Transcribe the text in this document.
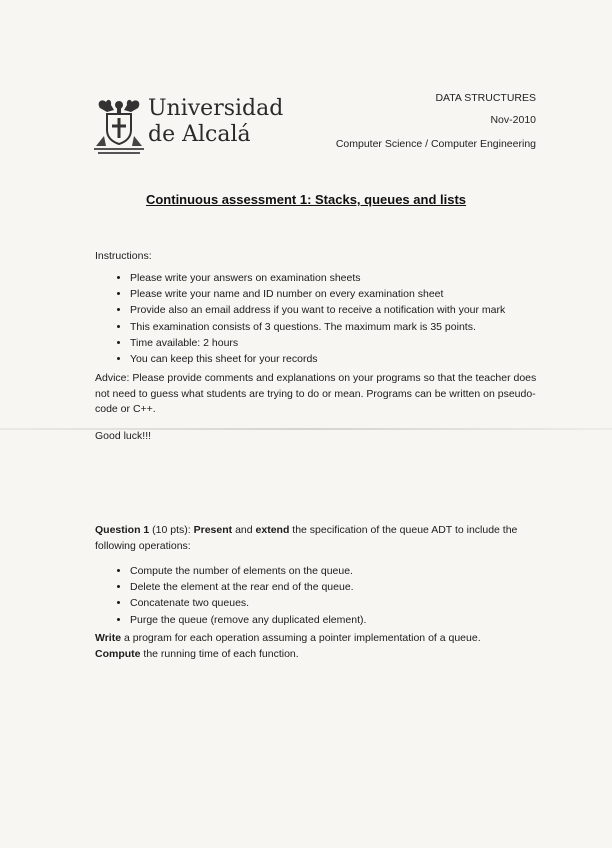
Universidad
de Alcalá
DATA STRUCTURES
Nov-2010
Computer Science / Computer Engineering
Continuous assessment 1: Stacks, queues and lists
Instructions:
• Please write your answers on examination sheets
• Please write your name and ID number on every examination sheet
• Provide also an email address if you want to receive a notification with your mark
• This examination consists of 3 questions. The maximum mark is 35 points.
• Time available: 2 hours
• You can keep this sheet for your records
Advice: Please provide comments and explanations on your programs so that the teacher does not need to guess what students are trying to do or mean. Programs can be written on pseudo-code or C++.
Good luck!!!
Question 1 (10 pts): Present and extend the specification of the queue ADT to include the following operations:
• Compute the number of elements on the queue.
• Delete the element at the rear end of the queue.
• Concatenate two queues.
• Purge the queue (remove any duplicated element).
Write a program for each operation assuming a pointer implementation of a queue.
Compute the running time of each function.
